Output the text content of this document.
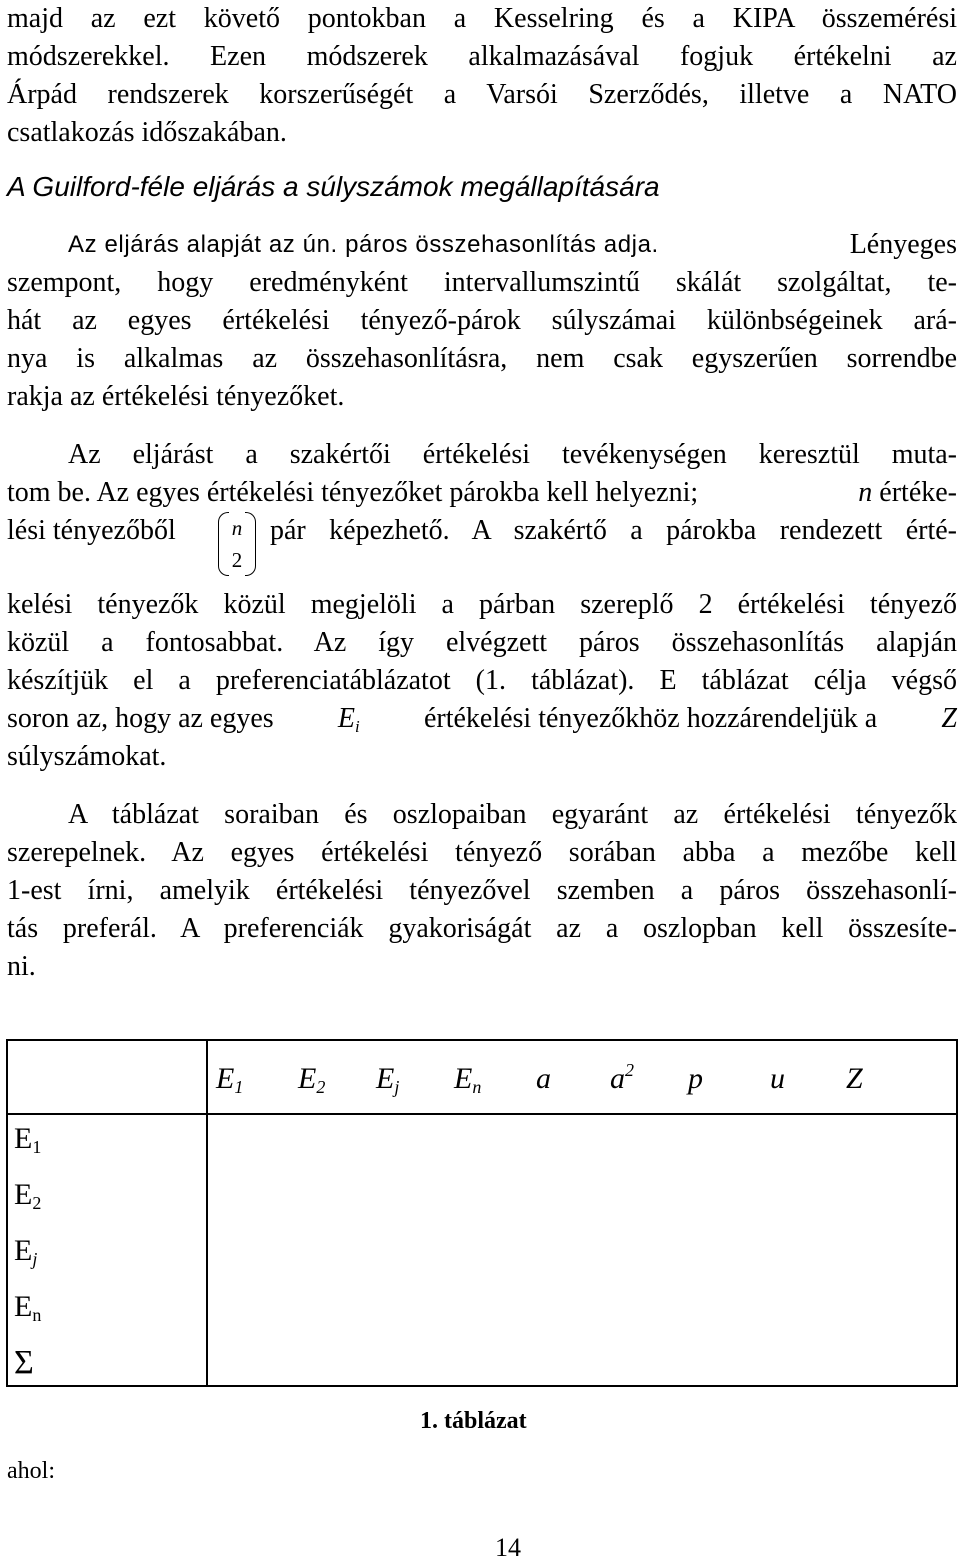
majd az ezt követő pontokban a Kesselring és a KIPA összemérési
módszerekkel. Ezen módszerek alkalmazásával fogjuk értékelni az
Árpád rendszerek korszerűségét a Varsói Szerződés, illetve a NATO
csatlakozás időszakában.
A Guilford-féle eljárás a súlyszámok megállapítására
Az eljárás alapját az ún. páros összehasonlítás adja.	Lényeges
szempont, hogy eredményként intervallumszintű skálát szolgáltat, te-
hát az egyes értékelési tényező-párok súlyszámai különbségeinek ará-
nya is alkalmas az összehasonlításra, nem csak egyszerűen sorrendbe
rakja az értékelési tényezőket.
Az eljárást a szakértői értékelési tevékenységen keresztül muta-
tom be. Az egyes értékelési tényezőket párokba kell helyezni;	n értéke-
lési tényezőből	n
2
pár képezhető. A szakértő a párokba rendezett érté-
kelési tényezők közül megjelöli a párban szereplő 2 értékelési tényező
közül a fontosabbat. Az így elvégzett páros összehasonlítás alapján
készítjük el a preferenciatáblázatot (1. táblázat). E táblázat célja végső
soron az, hogy az egyes $E_i$ értékelési tényezőkhöz hozzárendeljük a Z
súlyszámokat.
A táblázat soraiban és oszlopaiban egyaránt az értékelési tényezők
szerepelnek. Az egyes értékelési tényező sorában abba a mezőbe kell
1-est írni, amelyik értékelési tényezővel szemben a páros összehasonlí-
tás preferál. A preferenciák gyakoriságát az a oszlopban kell összesíte-
ni.
$E_1$ $E_2$ $E_j$ $E_n$ a $a^2$ p u Z
$E_1$
$E_2$
$E_j$
$E_n$
Σ
1. táblázat
ahol:
14
